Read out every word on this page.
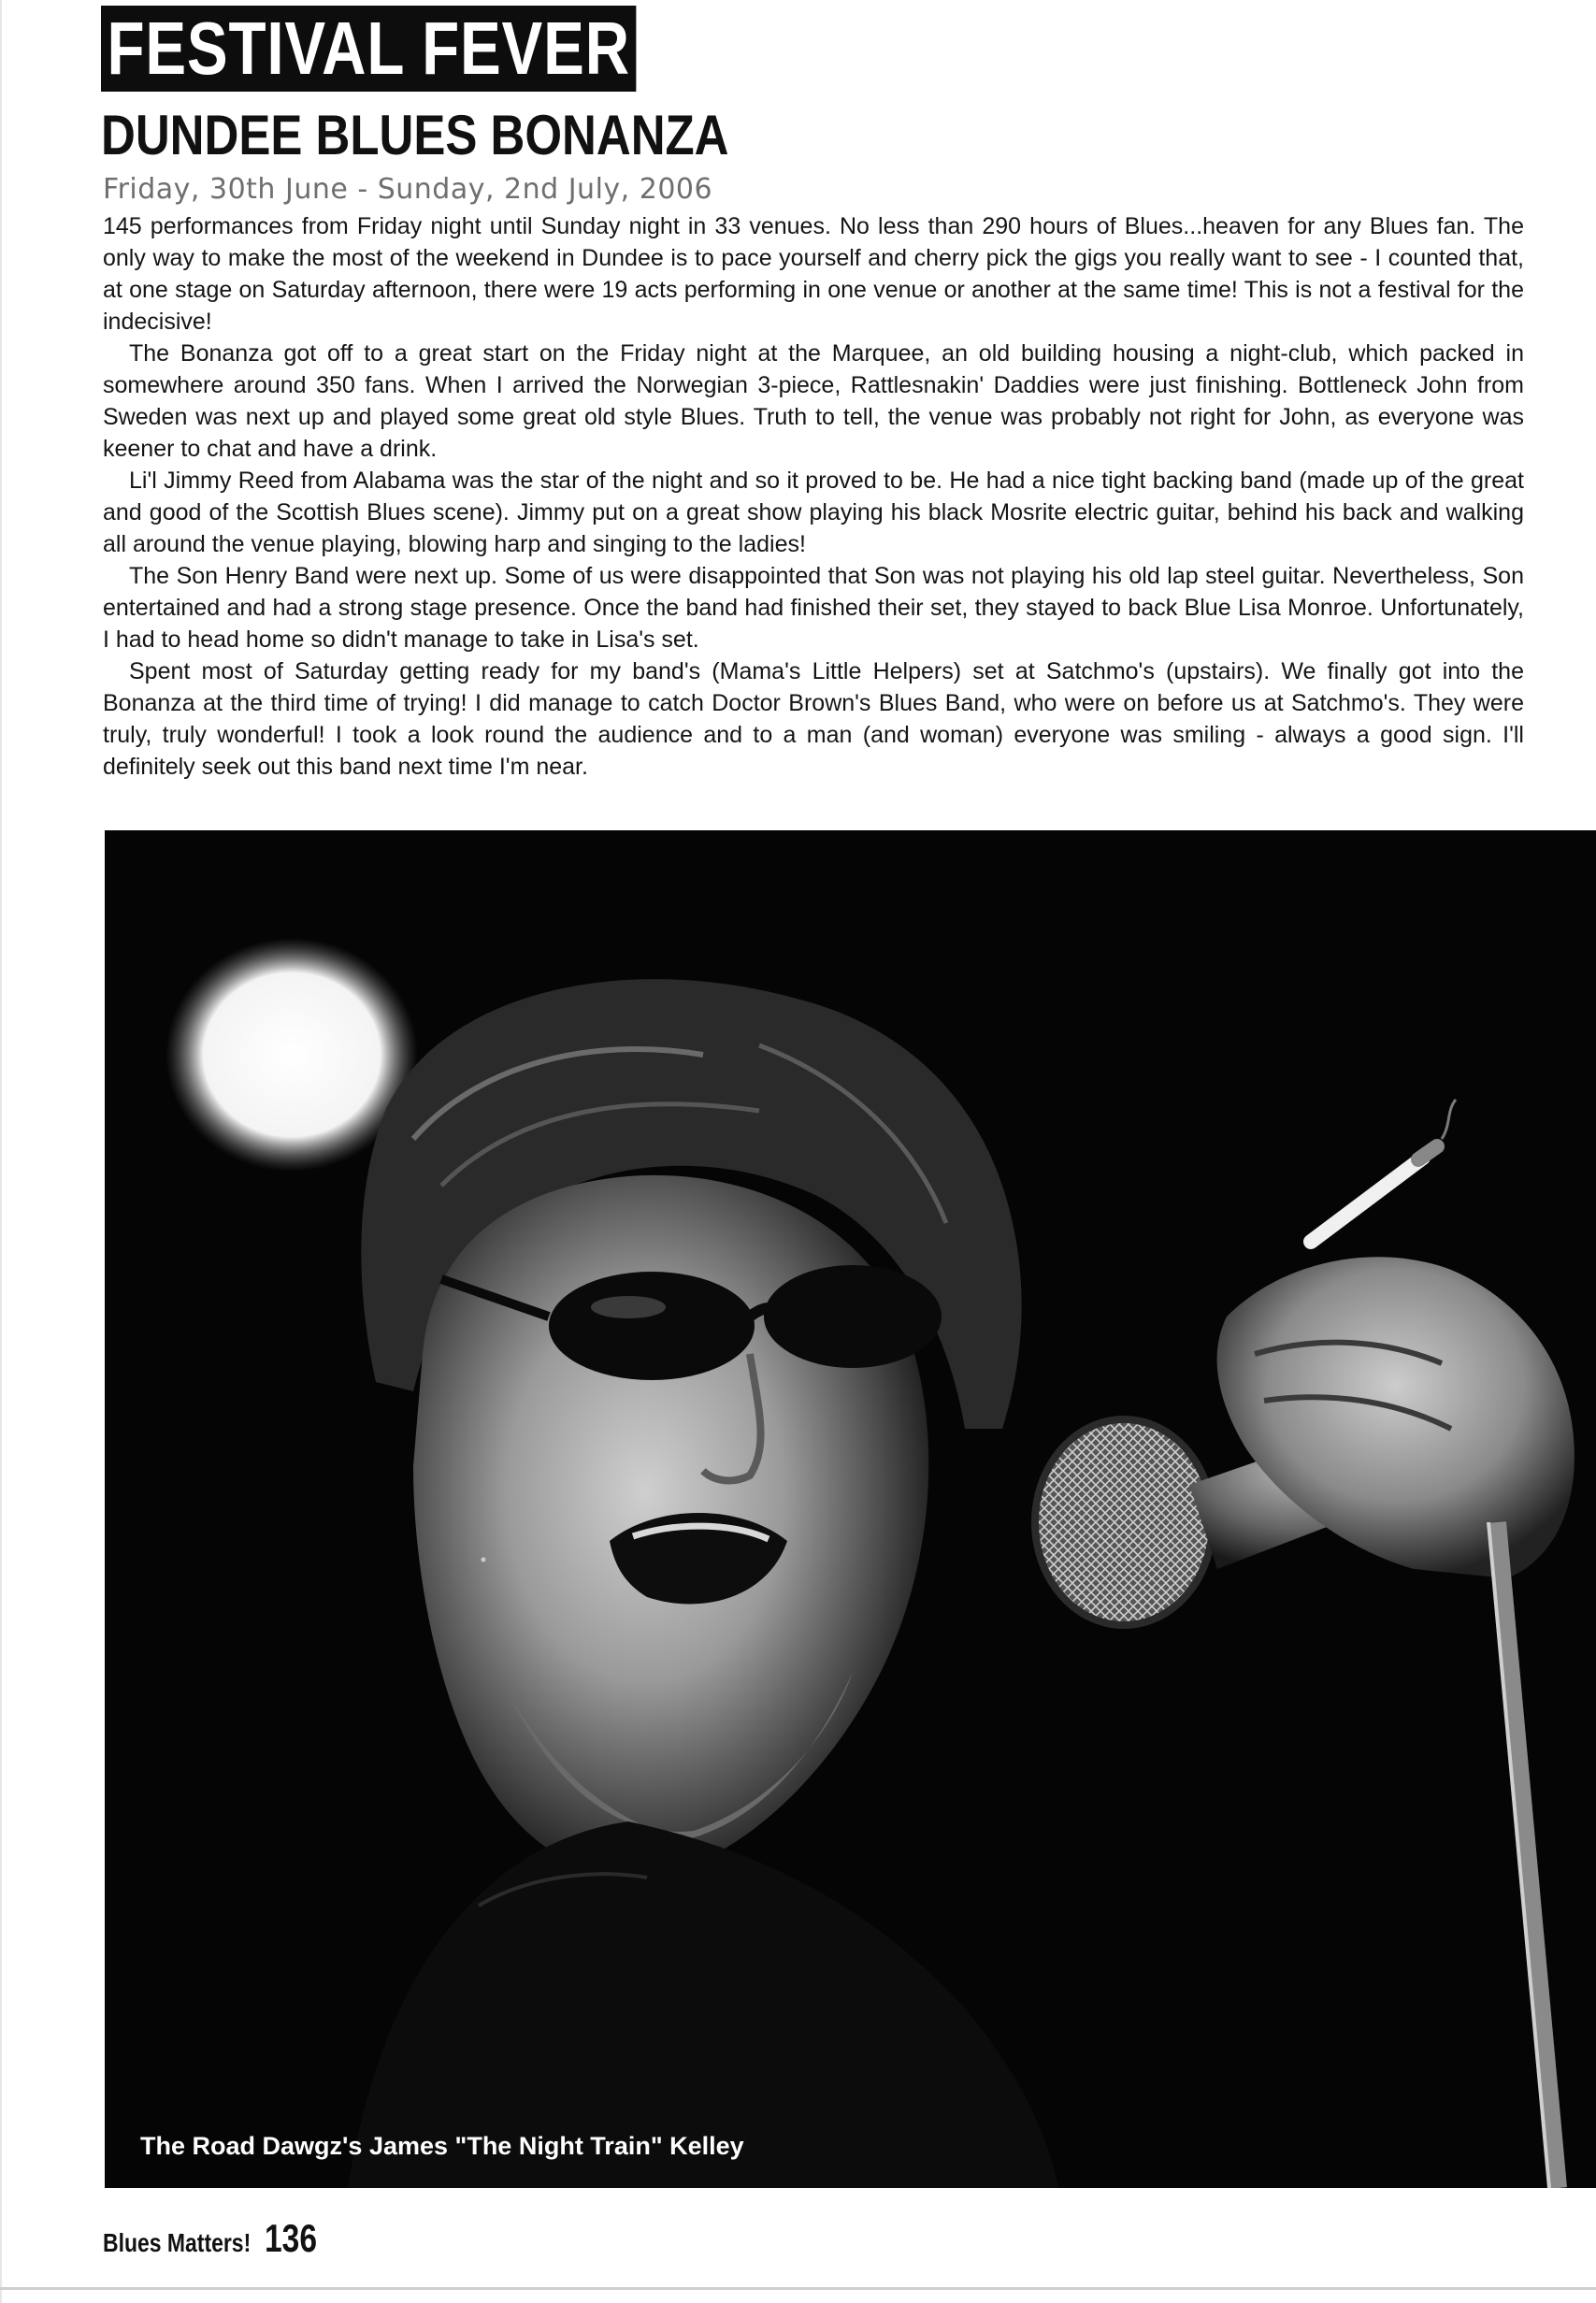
FESTIVAL FEVER
DUNDEE BLUES BONANZA
Friday, 30th June - Sunday, 2nd July, 2006

145 performances from Friday night until Sunday night in 33 venues. No less than 290 hours of Blues...heaven for any Blues fan. The only way to make the most of the weekend in Dundee is to pace yourself and cherry pick the gigs you really want to see - I counted that, at one stage on Saturday afternoon, there were 19 acts performing in one venue or another at the same time! This is not a festival for the indecisive!

The Bonanza got off to a great start on the Friday night at the Marquee, an old building housing a night-club, which packed in somewhere around 350 fans. When I arrived the Norwegian 3-piece, Rattlesnakin' Daddies were just finishing. Bottleneck John from Sweden was next up and played some great old style Blues. Truth to tell, the venue was probably not right for John, as everyone was keener to chat and have a drink.

Li'l Jimmy Reed from Alabama was the star of the night and so it proved to be. He had a nice tight backing band (made up of the great and good of the Scottish Blues scene). Jimmy put on a great show playing his black Mosrite electric guitar, behind his back and walking all around the venue playing, blowing harp and singing to the ladies!

The Son Henry Band were next up. Some of us were disappointed that Son was not playing his old lap steel guitar. Nevertheless, Son entertained and had a strong stage presence. Once the band had finished their set, they stayed to back Blue Lisa Monroe. Unfortunately, I had to head home so didn't manage to take in Lisa's set.

Spent most of Saturday getting ready for my band's (Mama's Little Helpers) set at Satchmo's (upstairs). We finally got into the Bonanza at the third time of trying! I did manage to catch Doctor Brown's Blues Band, who were on before us at Satchmo's. They were truly, truly wonderful! I took a look round the audience and to a man (and woman) everyone was smiling - always a good sign. I'll definitely seek out this band next time I'm near.

The Road Dawgz's James "The Night Train" Kelley
Blues Matters! 136
